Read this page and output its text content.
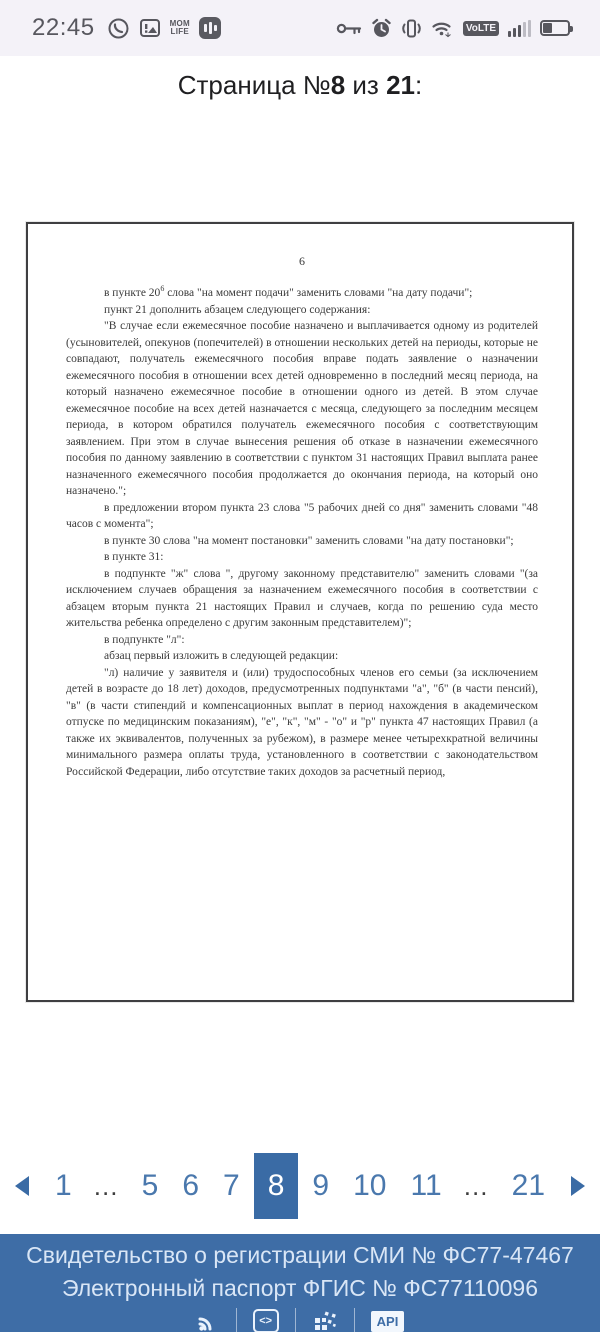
22:45	MOM
LIFE	VoLTE
Страница № 8 из 21 :
6

в пункте $20^6$ слова "на момент подачи" заменить словами "на дату подачи";

пункт 21 дополнить абзацем следующего содержания:

"В случае если ежемесячное пособие назначено и выплачивается одному из родителей (усыновителей, опекунов (попечителей) в отношении нескольких детей на периоды, которые не совпадают, получатель ежемесячного пособия вправе подать заявление о назначении ежемесячного пособия в отношении всех детей одновременно в последний месяц периода, на который назначено ежемесячное пособие в отношении одного из детей. В этом случае ежемесячное пособие на всех детей назначается с месяца, следующего за последним месяцем периода, в котором обратился получатель ежемесячного пособия с соответствующим заявлением. При этом в случае вынесения решения об отказе в назначении ежемесячного пособия по данному заявлению в соответствии с пунктом 31 настоящих Правил выплата ранее назначенного ежемесячного пособия продолжается до окончания периода, на который оно назначено.";

в предложении втором пункта 23 слова "5 рабочих дней со дня" заменить словами "48 часов с момента";

в пункте 30 слова "на момент постановки" заменить словами "на дату постановки";

в пункте 31:

в подпункте "ж" слова ", другому законному представителю" заменить словами "(за исключением случаев обращения за назначением ежемесячного пособия в соответствии с абзацем вторым пункта 21 настоящих Правил и случаев, когда по решению суда место жительства ребенка определено с другим законным представителем)";

в подпункте "л":

абзац первый изложить в следующей редакции:

"л) наличие у заявителя и (или) трудоспособных членов его семьи (за исключением детей в возрасте до 18 лет) доходов, предусмотренных подпунктами "а", "б" (в части пенсий), "в" (в части стипендий и компенсационных выплат в период нахождения в академическом отпуске по медицинским показаниям), "е", "к", "м" - "о" и "р" пункта 47 настоящих Правил (а также их эквивалентов, полученных за рубежом), в размере менее четырехкратной величины минимального размера оплаты труда, установленного в соответствии с законодательством Российской Федерации, либо отсутствие таких доходов за расчетный период,

1 … 5 6 7 8 9 10 11 … 21
Свидетельство о регистрации СМИ № ФС77-47467
Электронный паспорт ФГИС № ФС77110096
<>	API
